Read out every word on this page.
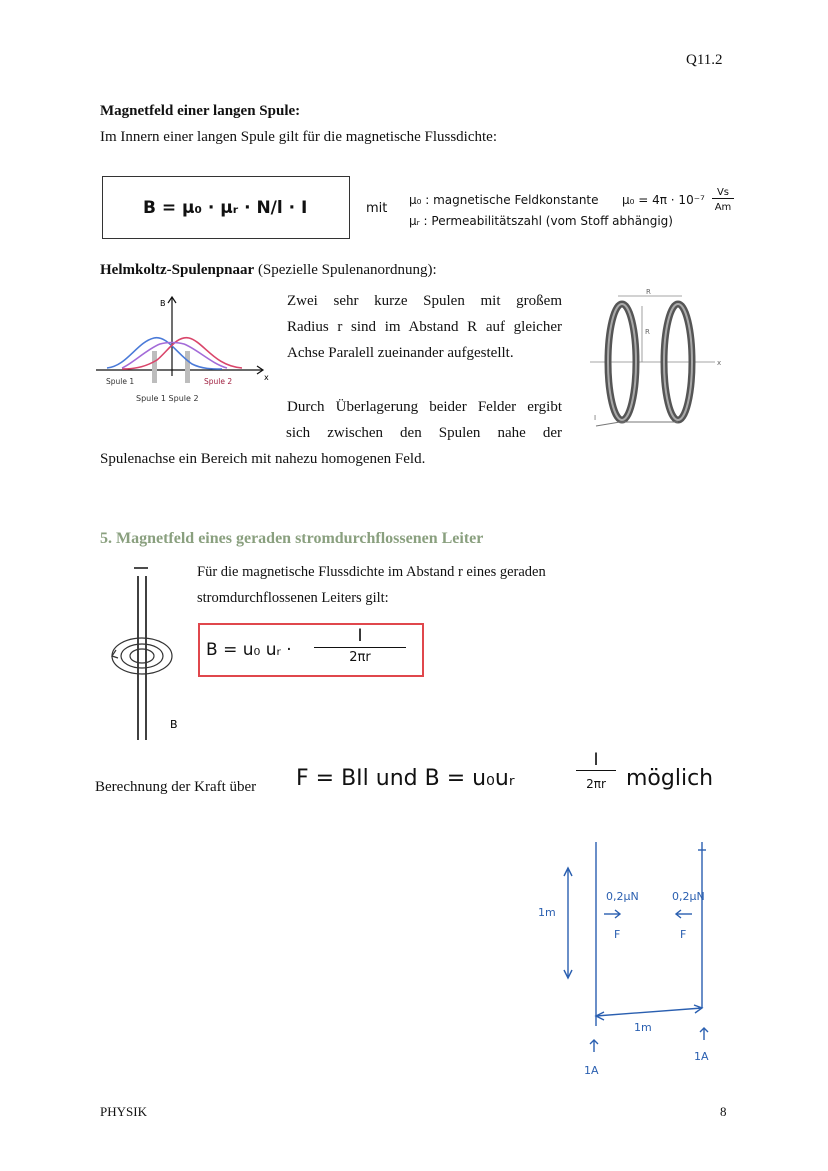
Q11.2
Magnetfeld einer langen Spule:
Im Innern einer langen Spule gilt für die magnetische Flussdichte:
B = μ₀ · μᵣ · N/l · I	mit
μ₀ : magnetische Feldkonstante μ₀ = 4π · 10⁻⁷
Vs
Am
μᵣ : Permeabilitätszahl (vom Stoff abhängig)
Helmkoltz-Spulenpnaar (Spezielle Spulenanordnung):
B
x
Spule 1	Spule 2
Spule 1 Spule 2
Zwei sehr kurze Spulen mit großem
Radius r sind im Abstand R auf gleicher
Achse Paralell zueinander aufgestellt.
Durch Überlagerung beider Felder ergibt
sich zwischen den Spulen nahe der
Spulenachse ein Bereich mit nahezu homogenen Feld.
R
x
R
I
5. Magnetfeld eines geraden stromdurchflossenen Leiter
Für die magnetische Flussdichte im Abstand r eines geraden
stromdurchflossenen Leiters gilt:
B
B = u₀ uᵣ ·
I
2πr
Berechnung der Kraft über F = BIl und B = u₀uᵣ
I
2πr möglich
1m
0,2μN	0,2μN
F	F
1m
1A
1A
PHYSIK	8
